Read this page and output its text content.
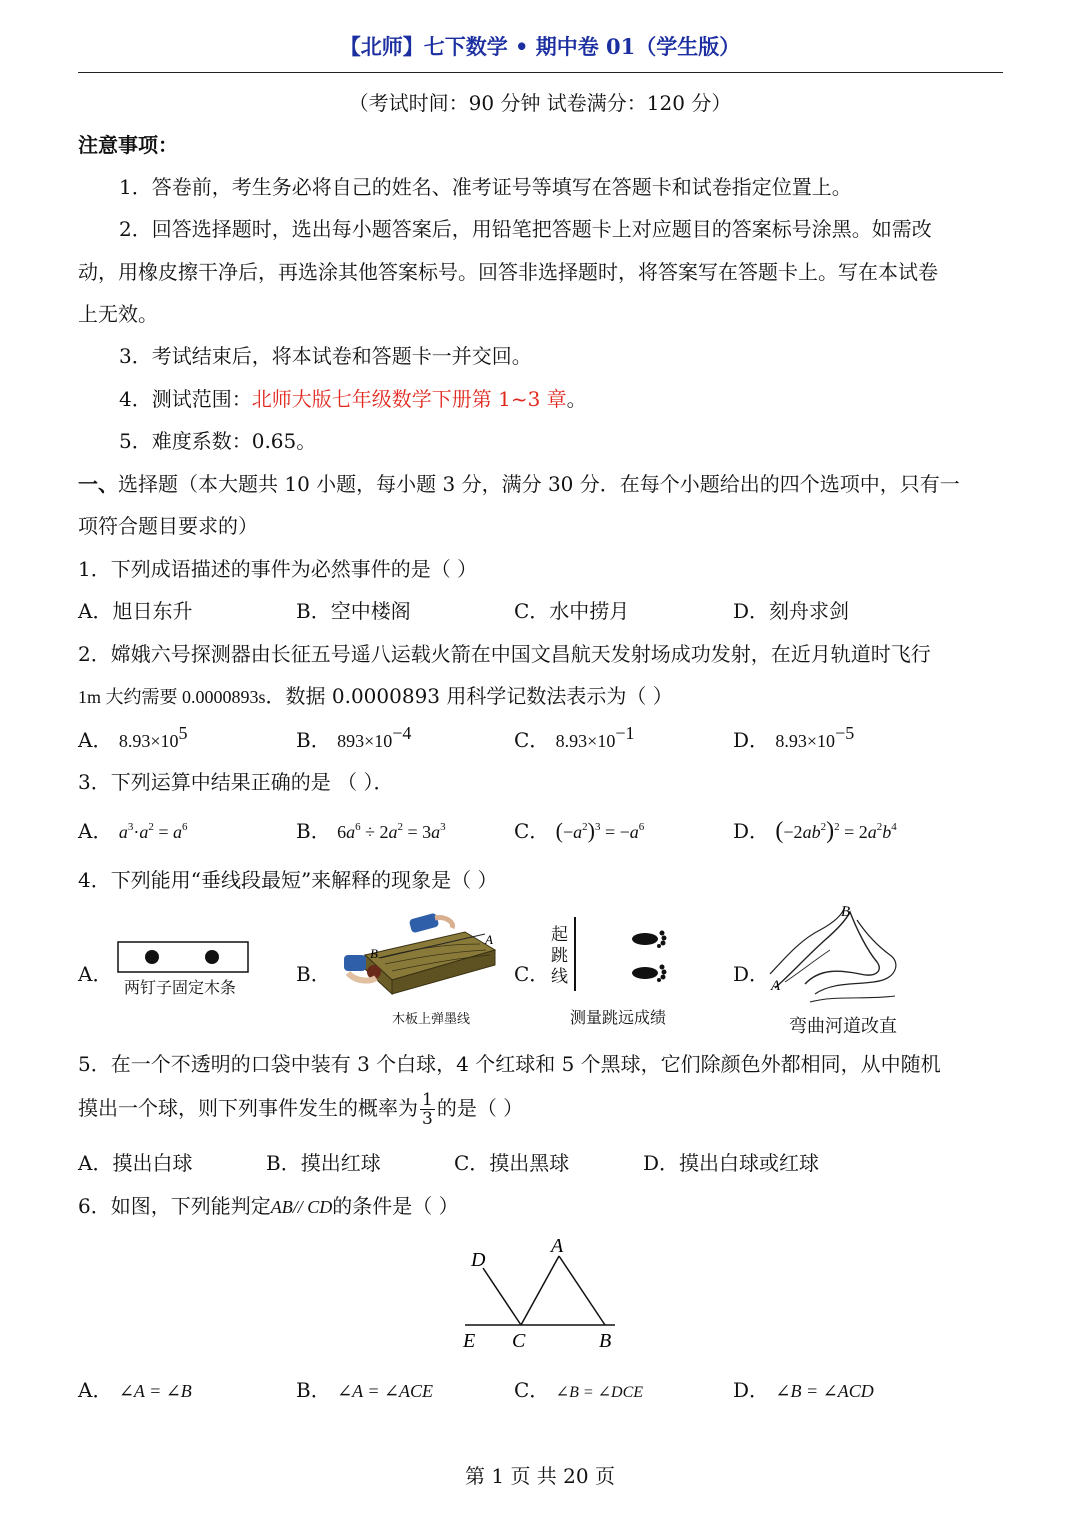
【北师】七下数学 • 期中卷 01（学生版）
（考试时间：90 分钟 试卷满分：120 分）
注意事项：
1．答卷前，考生务必将自己的姓名、准考证号等填写在答题卡和试卷指定位置上。
2．回答选择题时，选出每小题答案后，用铅笔把答题卡上对应题目的答案标号涂黑。如需改
动，用橡皮擦干净后，再选涂其他答案标号。回答非选择题时，将答案写在答题卡上。写在本试卷
上无效。
3．考试结束后，将本试卷和答题卡一并交回。
4．测试范围：北师大版七年级数学下册第 1~3 章。
5．难度系数：0.65。
一、选择题（本大题共 10 小题，每小题 3 分，满分 30 分．在每个小题给出的四个选项中，只有一
项符合题目要求的）
1．下列成语描述的事件为必然事件的是（ ）
A．旭日东升	B．空中楼阁	C．水中捞月	D．刻舟求剑
2．嫦娥六号探测器由长征五号遥八运载火箭在中国文昌航天发射场成功发射，在近月轨道时飞行
1m 大约需要 0.0000893s．数据 0.0000893 用科学记数法表示为（ ）
A． $8.93\times 10^5$	B． $893\times 10^{-4}$	C． $8.93\times 10^{-1}$	D． $8.93\times 10^{-5}$
3．下列运算中结果正确的是 （ ）．
A． $a^3\cdot a^2 = a^6$	B． $6a^6 \div 2a^2 = 3a^3$	C． $(-a^2)^3 = -a^6$	D． $(-2ab^2)^2 = 2a^2b^4$
4．下列能用“垂线段最短”来解释的现象是（ ）
A．	B．	C．	D．
两钉子固定木条
B
A
木板上弹墨线
起
跳
线
测量跳远成绩
B
A
弯曲河道改直
5．在一个不透明的口袋中装有 3 个白球，4 个红球和 5 个黑球，它们除颜色外都相同，从中随机
摸出一个球，则下列事件发生的概率为 $\frac{1}{3}$ 的是（ ）
A．摸出白球	B．摸出红球	C．摸出黑球	D．摸出白球或红球
6．如图，下列能判定AB// CD的条件是（ ）
D
A
E C	B
A． ∠A = ∠B	B． ∠A = ∠ACE	C． ∠B = ∠DCE	D． ∠B = ∠ACD
第 1 页 共 20 页
